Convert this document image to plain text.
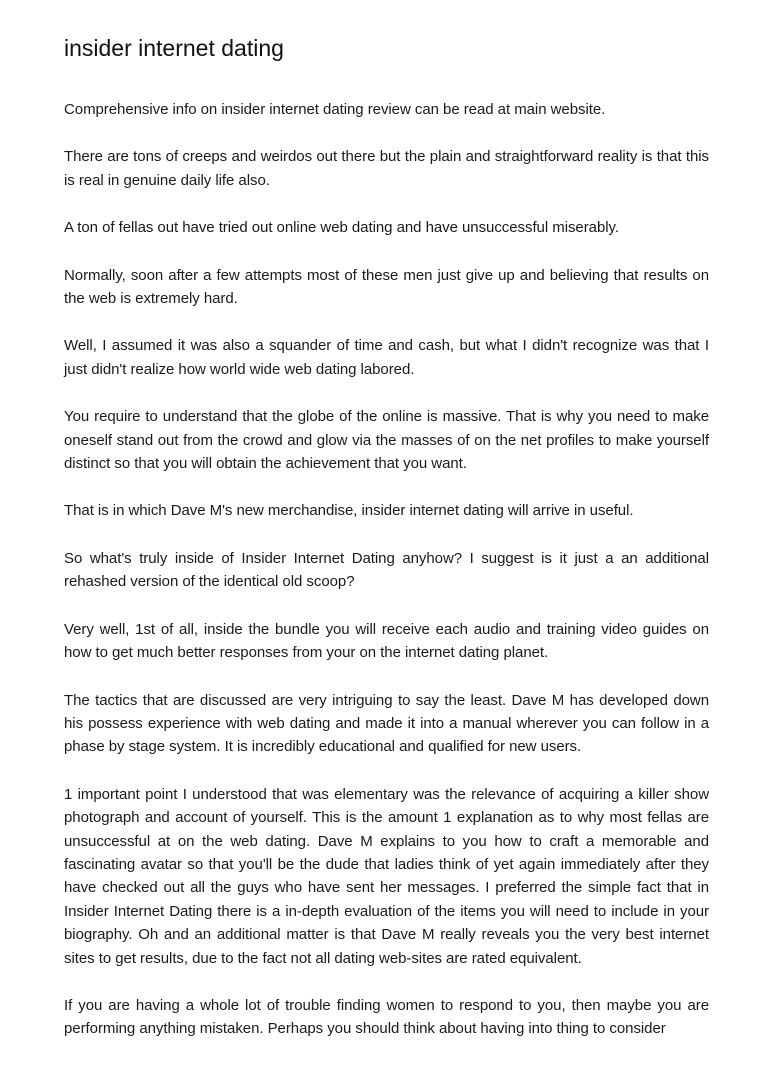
insider internet dating

Comprehensive info on insider internet dating review can be read at main website.

There are tons of creeps and weirdos out there but the plain and straightforward reality is that this is real in genuine daily life also.

A ton of fellas out have tried out online web dating and have unsuccessful miserably.

Normally, soon after a few attempts most of these men just give up and believing that results on the web is extremely hard.

Well, I assumed it was also a squander of time and cash, but what I didn't recognize was that I just didn't realize how world wide web dating labored.

You require to understand that the globe of the online is massive. That is why you need to make oneself stand out from the crowd and glow via the masses of on the net profiles to make yourself distinct so that you will obtain the achievement that you want.

That is in which Dave M's new merchandise, insider internet dating will arrive in useful.

So what's truly inside of Insider Internet Dating anyhow? I suggest is it just a an additional rehashed version of the identical old scoop?

Very well, 1st of all, inside the bundle you will receive each audio and training video guides on how to get much better responses from your on the internet dating planet.

The tactics that are discussed are very intriguing to say the least. Dave M has developed down his possess experience with web dating and made it into a manual wherever you can follow in a phase by stage system. It is incredibly educational and qualified for new users.

1 important point I understood that was elementary was the relevance of acquiring a killer show photograph and account of yourself. This is the amount 1 explanation as to why most fellas are unsuccessful at on the web dating. Dave M explains to you how to craft a memorable and fascinating avatar so that you'll be the dude that ladies think of yet again immediately after they have checked out all the guys who have sent her messages. I preferred the simple fact that in Insider Internet Dating there is a in-depth evaluation of the items you will need to include in your biography. Oh and an additional matter is that Dave M really reveals you the very best internet sites to get results, due to the fact not all dating web-sites are rated equivalent.

If you are having a whole lot of trouble finding women to respond to you, then maybe you are performing anything mistaken. Perhaps you should think about having into thing to consider
